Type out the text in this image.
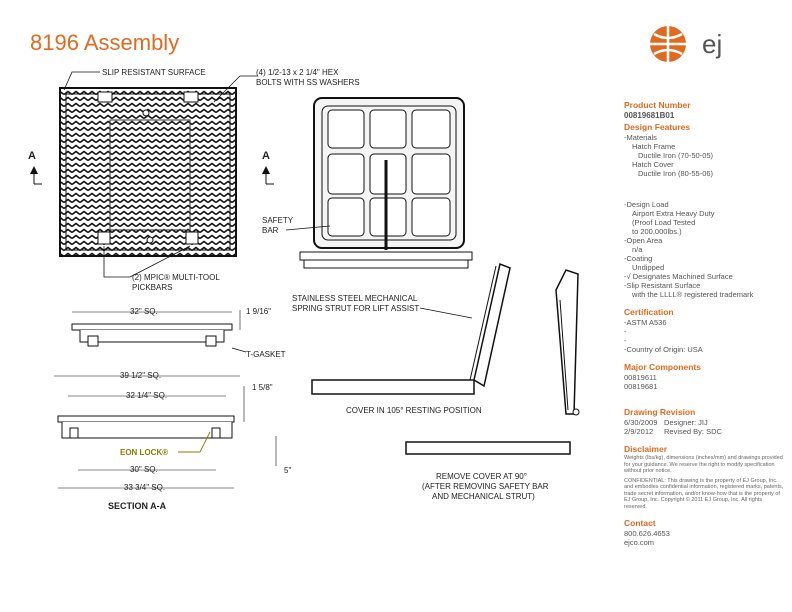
8196 Assembly	ej
SLIP RESISTANT SURFACE	(4) 1/2-13 x 2 1/4" HEX
BOLTS WITH SS WASHERS
SAFETY
BAR
(2) MPIC® MULTI-TOOL
PICKBARS
STAINLESS STEEL MECHANICAL
SPRING STRUT FOR LIFT ASSIST
T-GASKET
EON LOCK®
COVER IN 105° RESTING POSITION
REMOVE COVER AT 90°
(AFTER REMOVING SAFETY BAR
AND MECHANICAL STRUT)
SECTION A-A
A	A
32" SQ.	1 9/16"
39 1/2" SQ.
32 1/4" SQ.
1 5/8"
30" SQ.	5"
33 3/4" SQ.
Product Number
00819681B01
Design Features
-Materials
Hatch Frame
Ductile Iron (70-50-05)
Hatch Cover
Ductile Iron (80-55-06)
-Design Load
Airport Extra Heavy Duty
(Proof Load Tested
to 200,000lbs.)
-Open Area
n/a
-Coating
Undipped
-√ Designates Machined Surface
-Slip Resistant Surface
with the LLLL® registered trademark
Certification
-ASTM A536
-
-
-Country of Origin: USA
Major Components
00819611
00819681
Drawing Revision
6/30/2009 Designer: JIJ
2/9/2012	Revised By: SDC
Disclaimer
Weights (lbs/kg), dimensions (inches/mm) and drawings provided for your guidance. We reserve the right to modify specification without prior notice.
CONFIDENTIAL: This drawing is the property of EJ Group, Inc. and embodies confidential information, registered marks, patents, trade secret information, and/or know-how that is the property of EJ Group, Inc. Copyright © 2011 EJ Group, Inc. All rights reserved.
Contact
800.626.4653
ejco.com
